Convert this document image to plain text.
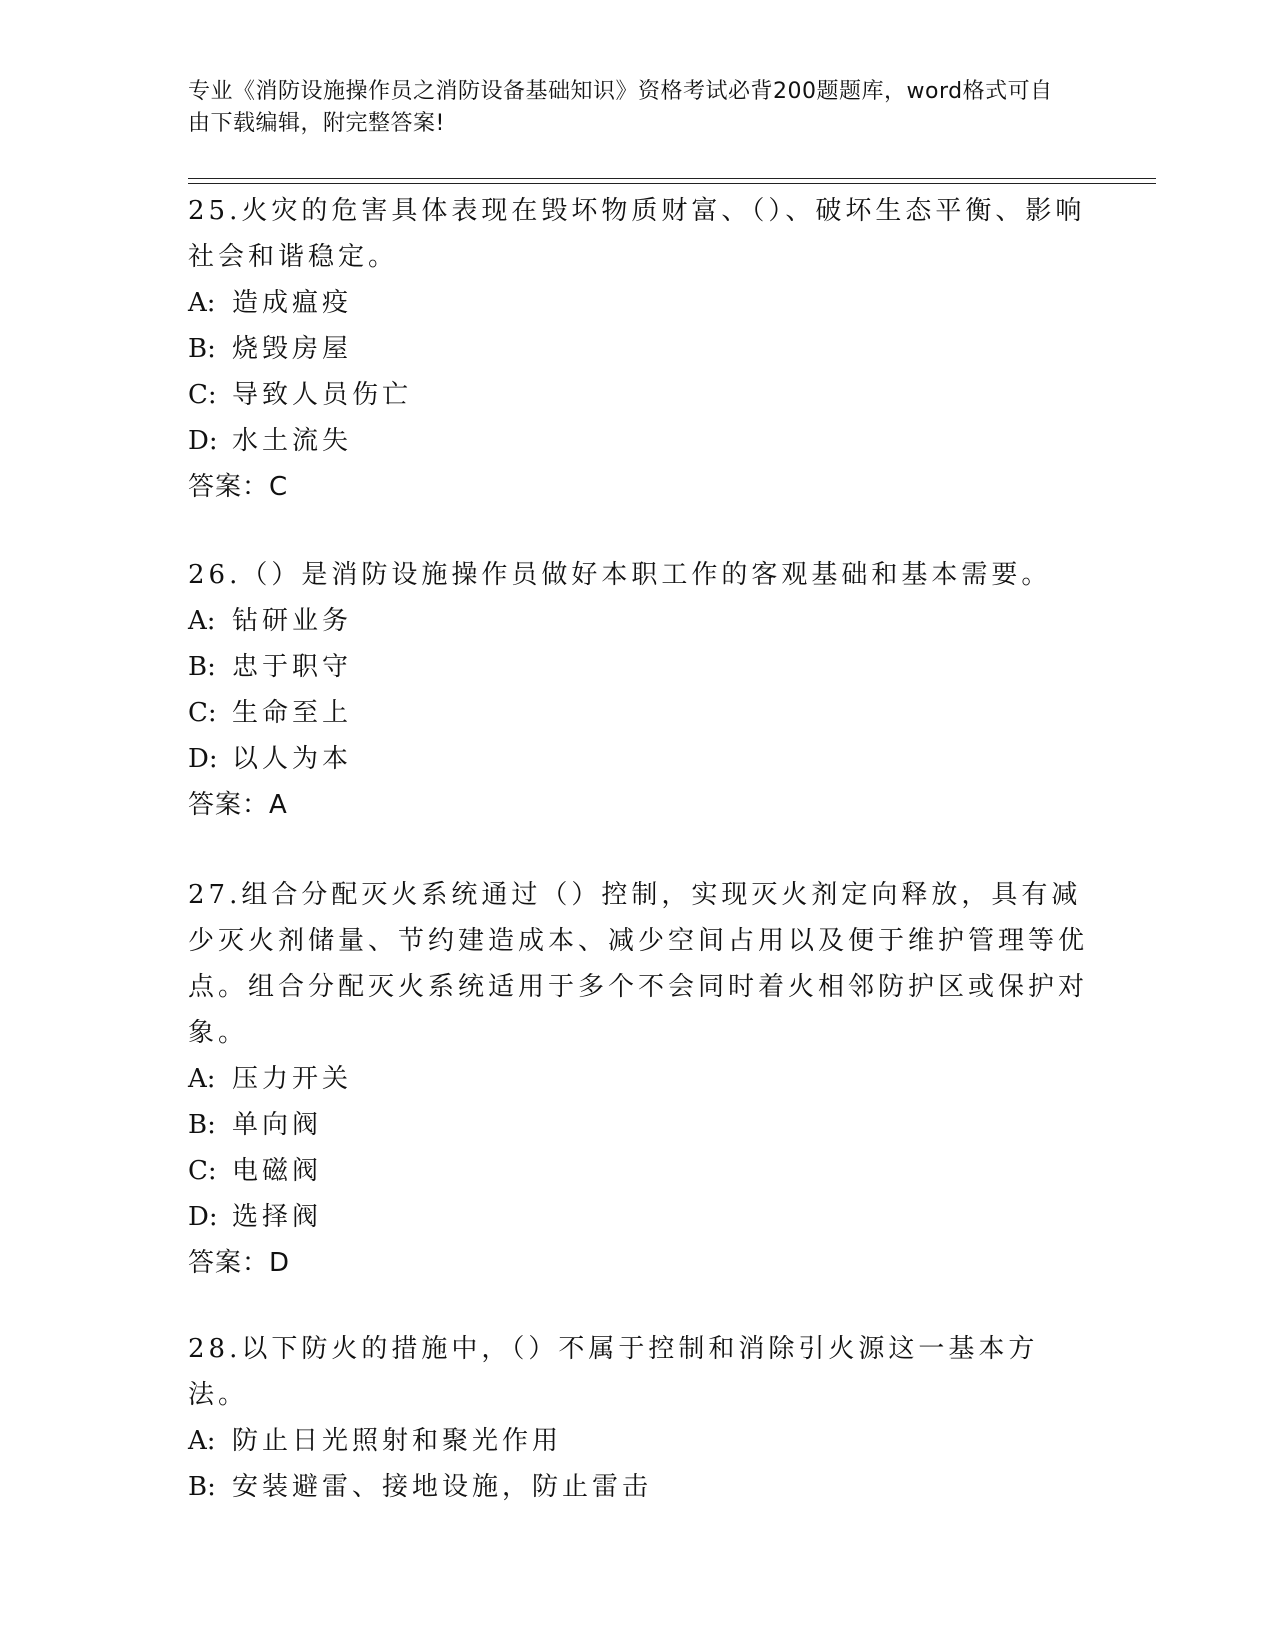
专业《消防设施操作员之消防设备基础知识》资格考试必背200题题库，word格式可自由下载编辑，附完整答案!

25.火灾的危害具体表现在毁坏物质财富、（）、破坏生态平衡、影响社会和谐稳定。

A: 造成瘟疫

B: 烧毁房屋

C: 导致人员伤亡

D: 水土流失

答案：C

26.（）是消防设施操作员做好本职工作的客观基础和基本需要。

A: 钻研业务

B: 忠于职守

C: 生命至上

D: 以人为本

答案：A

27.组合分配灭火系统通过（）控制，实现灭火剂定向释放，具有减少灭火剂储量、节约建造成本、减少空间占用以及便于维护管理等优点。组合分配灭火系统适用于多个不会同时着火相邻防护区或保护对象。

A: 压力开关

B: 单向阀

C: 电磁阀

D: 选择阀

答案：D

28.以下防火的措施中，（）不属于控制和消除引火源这一基本方法。

A: 防止日光照射和聚光作用

B: 安装避雷、接地设施，防止雷击
